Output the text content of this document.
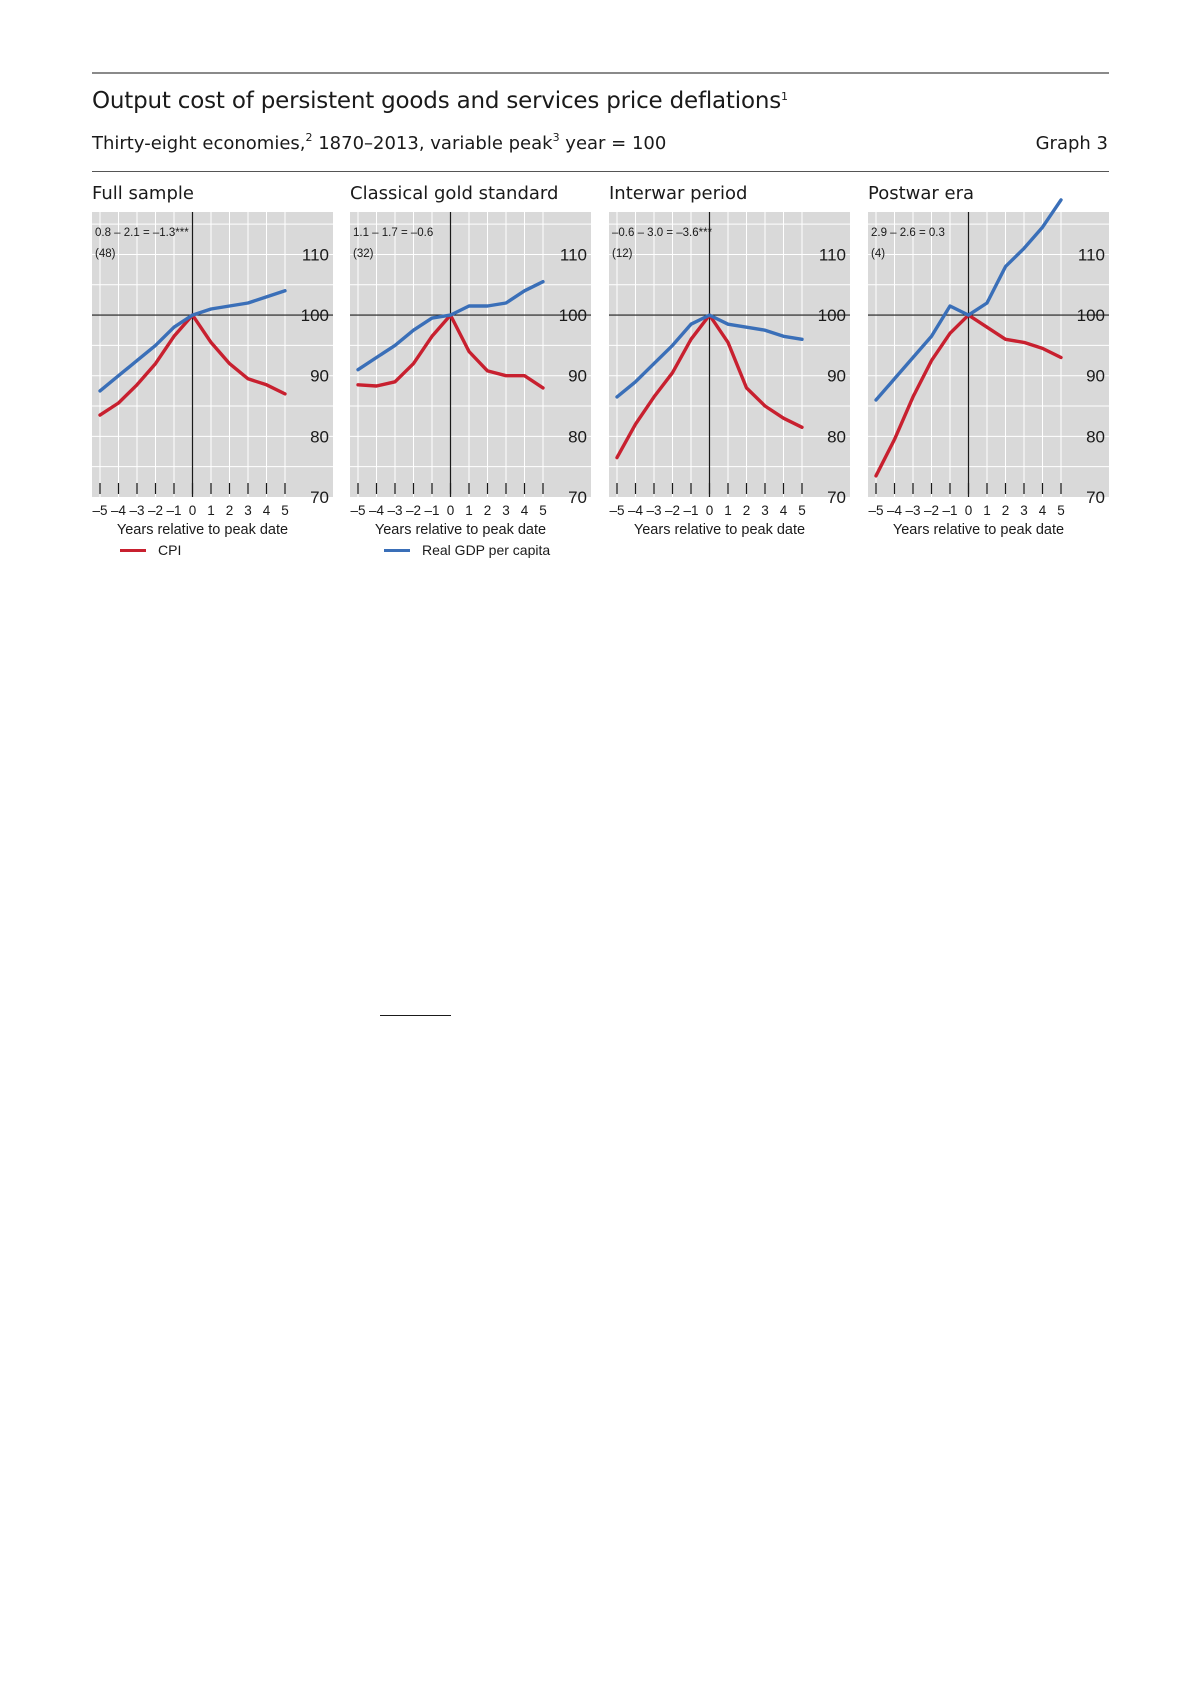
Output cost of persistent goods and services price deflations$^1$
Thirty-eight economies,$^2$ 1870–2013, variable peak$^3$ year = 100	Graph 3
Full sample	Classical gold standard	Interwar period	Postwar era
110
100
90
80
70
–5 –4 –3 –2 –1 0 1 2 3 4 5
Years relative to peak date
0.8 – 2.1 = –1.3***
(48)	110
100
90
80
70
–5 –4 –3 –2 –1 0 1 2 3 4 5
Years relative to peak date
1.1 – 1.7 = –0.6
(32)	110
100
90
80
70
–5 –4 –3 –2 –1 0 1 2 3 4 5
Years relative to peak date
–0.6 – 3.0 = –3.6***
(12)	110
100
90
80
70
–5 –4 –3 –2 –1 0 1 2 3 4 5
Years relative to peak date
2.9 – 2.6 = 0.3
(4)
CPI	Real GDP per capita
